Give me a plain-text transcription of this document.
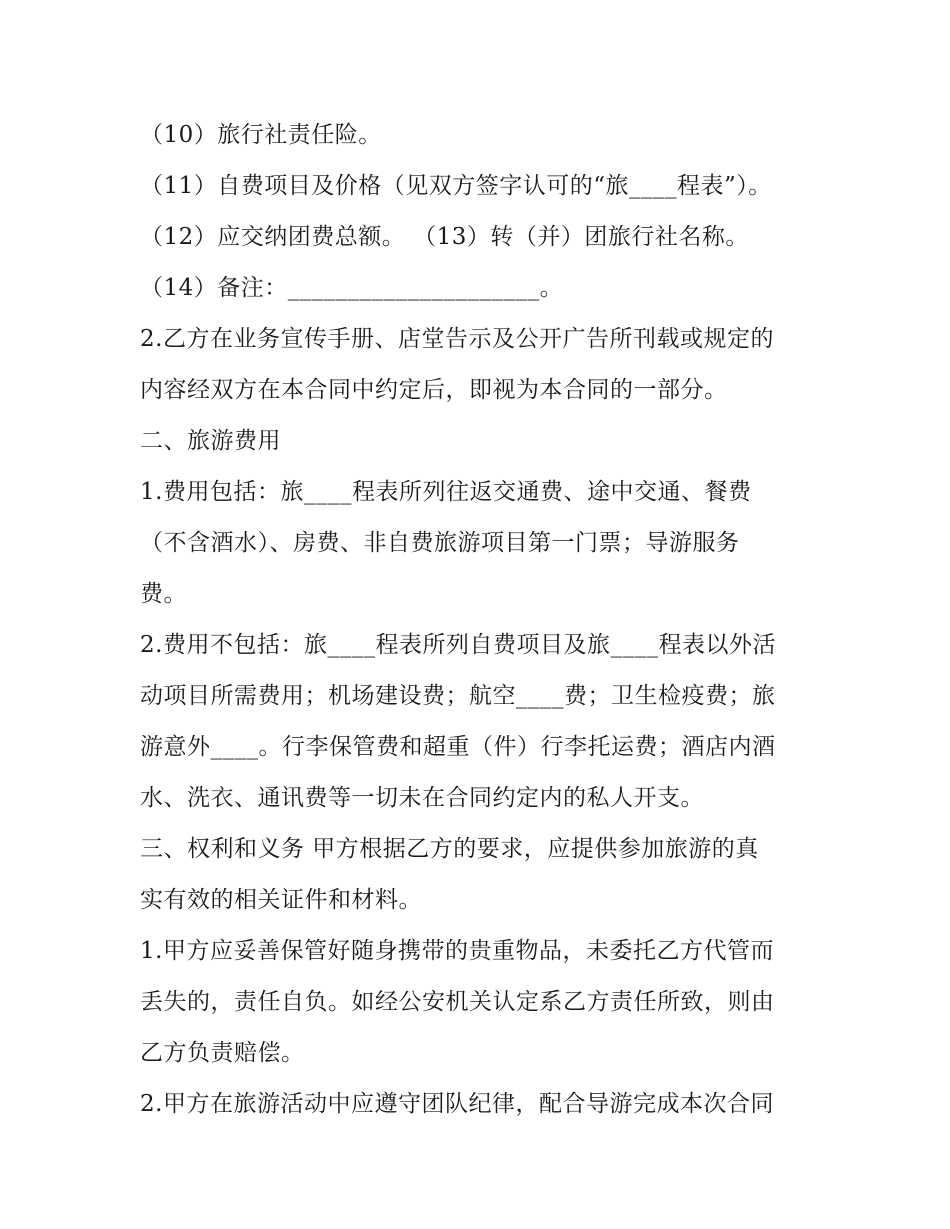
（10）旅行社责任险。
（11）自费项目及价格（见双方签字认可的“旅____程表”）。
（12）应交纳团费总额。 （13）转（并）团旅行社名称。
（14）备注：_____________________。
2.乙方在业务宣传手册、店堂告示及公开广告所刊载或规定的
内容经双方在本合同中约定后，即视为本合同的一部分。
二、旅游费用
1.费用包括：旅____程表所列往返交通费、途中交通、餐费
（不含酒水）、房费、非自费旅游项目第一门票；导游服务
费。
2.费用不包括：旅____程表所列自费项目及旅____程表以外活
动项目所需费用；机场建设费；航空____费；卫生检疫费；旅
游意外____。行李保管费和超重（件）行李托运费；酒店内酒
水、洗衣、通讯费等一切未在合同约定内的私人开支。
三、权利和义务 甲方根据乙方的要求，应提供参加旅游的真
实有效的相关证件和材料。
1.甲方应妥善保管好随身携带的贵重物品，未委托乙方代管而
丢失的，责任自负。如经公安机关认定系乙方责任所致，则由
乙方负责赔偿。
2.甲方在旅游活动中应遵守团队纪律，配合导游完成本次合同
